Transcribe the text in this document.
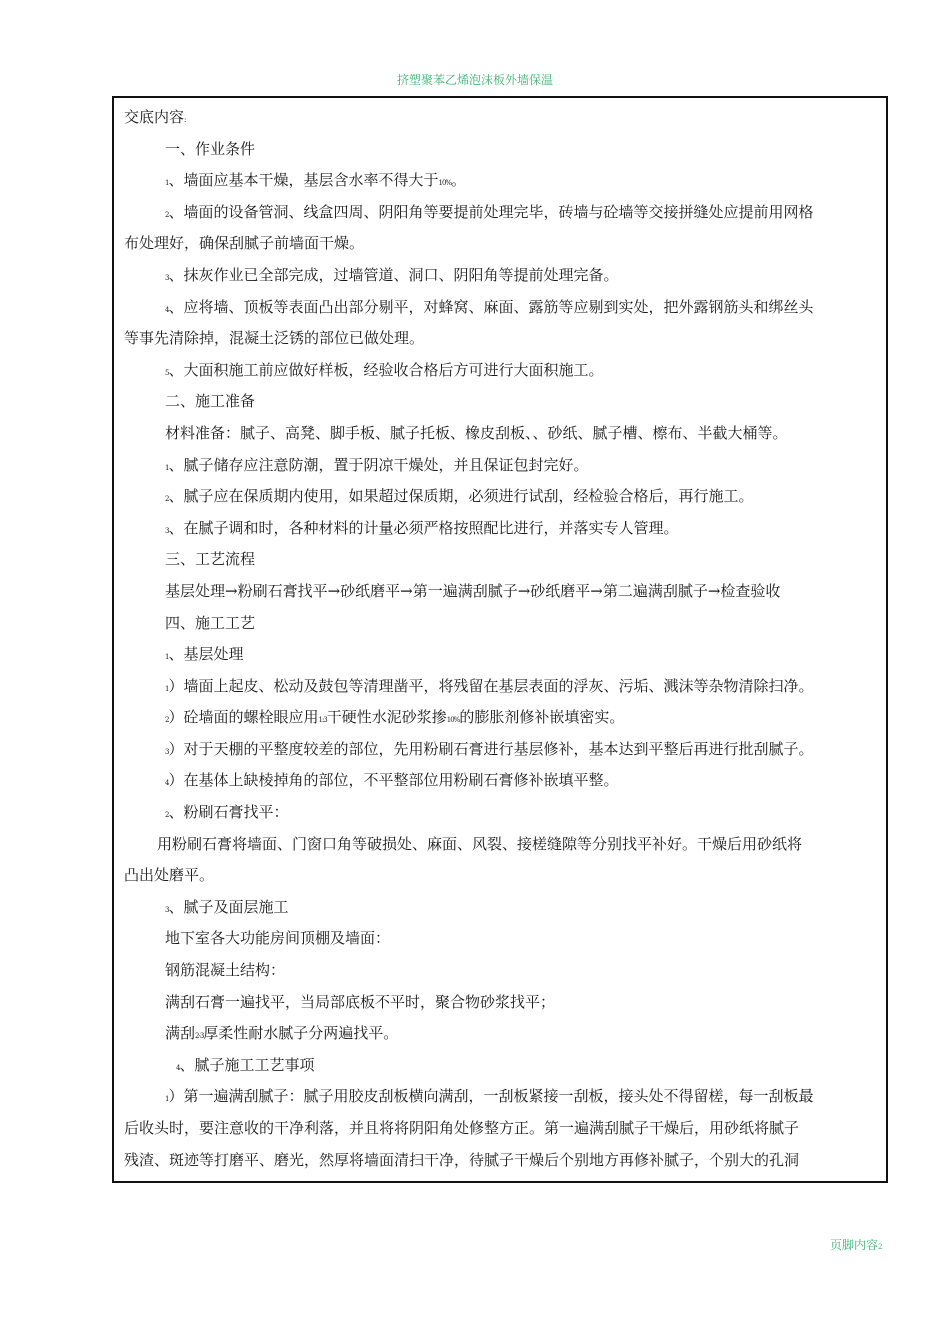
挤塑聚苯乙烯泡沫板外墙保温
交底内容:
一、作业条件
1、墙面应基本干燥，基层含水率不得大于10%。
2、墙面的设备管洞、线盒四周、阴阳角等要提前处理完毕，砖墙与砼墙等交接拼缝处应提前用网格
布处理好，确保刮腻子前墙面干燥。
3、抹灰作业已全部完成，过墙管道、洞口、阴阳角等提前处理完备。
4、应将墙、顶板等表面凸出部分剔平，对蜂窝、麻面、露筋等应剔到实处，把外露钢筋头和绑丝头
等事先清除掉，混凝土泛锈的部位已做处理。
5、大面积施工前应做好样板，经验收合格后方可进行大面积施工。
二、施工准备
材料准备：腻子、高凳、脚手板、腻子托板、橡皮刮板、、砂纸、腻子槽、檫布、半截大桶等。
1、腻子储存应注意防潮，置于阴凉干燥处，并且保证包封完好。
2、腻子应在保质期内使用，如果超过保质期，必须进行试刮，经检验合格后，再行施工。
3、在腻子调和时，各种材料的计量必须严格按照配比进行，并落实专人管理。
三、工艺流程
基层处理→粉刷石膏找平→砂纸磨平→第一遍满刮腻子→砂纸磨平→第二遍满刮腻子→检查验收
四、施工工艺
1、基层处理
1）墙面上起皮、松动及鼓包等清理凿平，将残留在基层表面的浮灰、污垢、溅沫等杂物清除扫净。
2）砼墙面的螺栓眼应用1:3干硬性水泥砂浆掺10%的膨胀剂修补嵌填密实。
3）对于天棚的平整度较差的部位，先用粉刷石膏进行基层修补，基本达到平整后再进行批刮腻子。
4）在基体上缺棱掉角的部位，不平整部位用粉刷石膏修补嵌填平整。
2、粉刷石膏找平：
用粉刷石膏将墙面、门窗口角等破损处、麻面、风裂、接槎缝隙等分别找平补好。干燥后用砂纸将
凸出处磨平。
3、腻子及面层施工
地下室各大功能房间顶棚及墙面：
钢筋混凝土结构：
满刮石膏一遍找平，当局部底板不平时，聚合物砂浆找平；
满刮2-3厚柔性耐水腻子分两遍找平。
4、腻子施工工艺事项
1）第一遍满刮腻子：腻子用胶皮刮板横向满刮，一刮板紧接一刮板，接头处不得留槎，每一刮板最
后收头时，要注意收的干净利落，并且将将阴阳角处修整方正。第一遍满刮腻子干燥后，用砂纸将腻子
残渣、斑迹等打磨平、磨光，然厚将墙面清扫干净，待腻子干燥后个别地方再修补腻子，个别大的孔洞
页脚内容2
